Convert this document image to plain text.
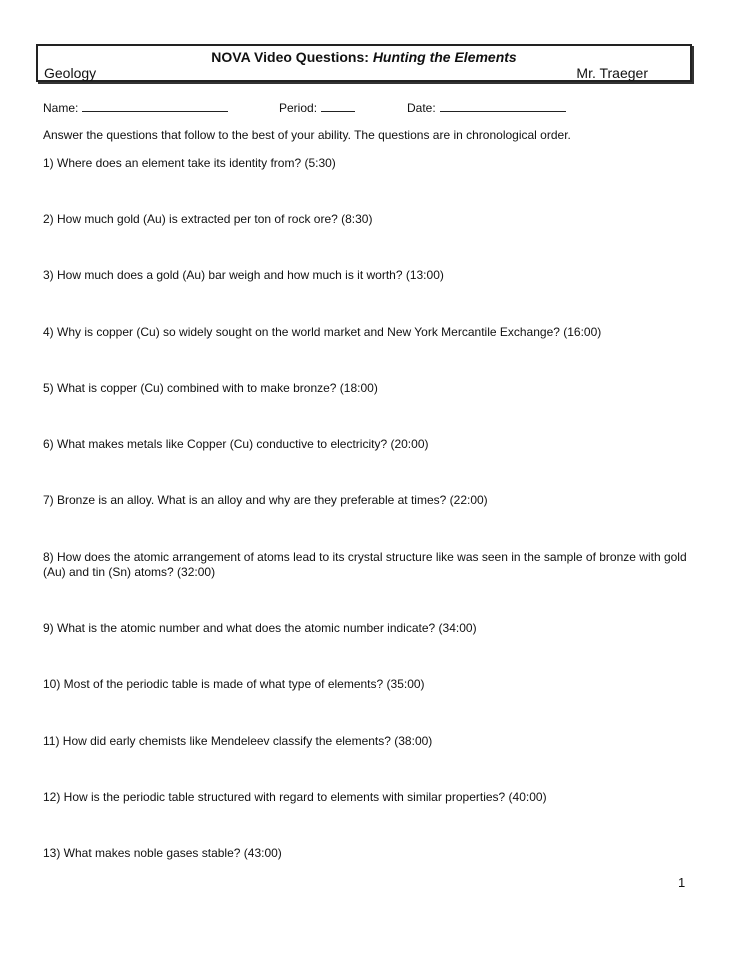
NOVA Video Questions: Hunting the Elements
Geology	Mr. Traeger
Name:	Period:	Date:
Answer the questions that follow to the best of your ability. The questions are in chronological order.
1) Where does an element take its identity from? (5:30)
2) How much gold (Au) is extracted per ton of rock ore? (8:30)
3) How much does a gold (Au) bar weigh and how much is it worth? (13:00)
4) Why is copper (Cu) so widely sought on the world market and New York Mercantile Exchange? (16:00)
5) What is copper (Cu) combined with to make bronze? (18:00)
6) What makes metals like Copper (Cu) conductive to electricity? (20:00)
7) Bronze is an alloy. What is an alloy and why are they preferable at times? (22:00)
8) How does the atomic arrangement of atoms lead to its crystal structure like was seen in the sample of bronze with gold (Au) and tin (Sn) atoms? (32:00)
9) What is the atomic number and what does the atomic number indicate? (34:00)
10) Most of the periodic table is made of what type of elements? (35:00)
11) How did early chemists like Mendeleev classify the elements? (38:00)
12) How is the periodic table structured with regard to elements with similar properties? (40:00)
13) What makes noble gases stable? (43:00)
1
